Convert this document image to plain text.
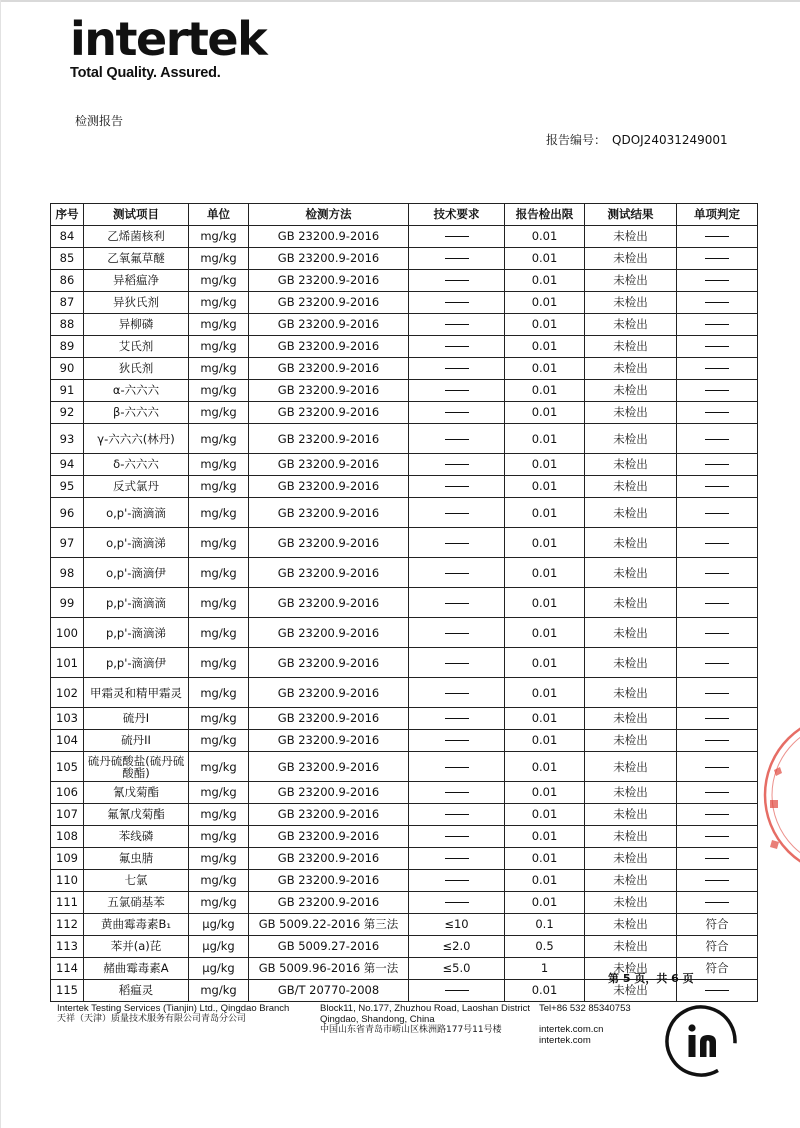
intertek
Total Quality. Assured.
检测报告
报告编号： QDOJ24031249001
序号	测试项目	单位	检测方法	技术要求	报告检出限	测试结果	单项判定
84	乙烯菌核利	mg/kg	GB 23200.9-2016		0.01	未检出	
85	乙氧氟草醚	mg/kg	GB 23200.9-2016		0.01	未检出	
86	异稻瘟净	mg/kg	GB 23200.9-2016		0.01	未检出	
87	异狄氏剂	mg/kg	GB 23200.9-2016		0.01	未检出	
88	异柳磷	mg/kg	GB 23200.9-2016		0.01	未检出	
89	艾氏剂	mg/kg	GB 23200.9-2016		0.01	未检出	
90	狄氏剂	mg/kg	GB 23200.9-2016		0.01	未检出	
91	α-六六六	mg/kg	GB 23200.9-2016		0.01	未检出	
92	β-六六六	mg/kg	GB 23200.9-2016		0.01	未检出	
93	γ-六六六(林丹)	mg/kg	GB 23200.9-2016		0.01	未检出	
94	δ-六六六	mg/kg	GB 23200.9-2016		0.01	未检出	
95	反式氯丹	mg/kg	GB 23200.9-2016		0.01	未检出	
96	o,p'-滴滴滴	mg/kg	GB 23200.9-2016		0.01	未检出	
97	o,p'-滴滴涕	mg/kg	GB 23200.9-2016		0.01	未检出	
98	o,p'-滴滴伊	mg/kg	GB 23200.9-2016		0.01	未检出	
99	p,p'-滴滴滴	mg/kg	GB 23200.9-2016		0.01	未检出	
100	p,p'-滴滴涕	mg/kg	GB 23200.9-2016		0.01	未检出	
101	p,p'-滴滴伊	mg/kg	GB 23200.9-2016		0.01	未检出	
102	甲霜灵和精甲霜灵	mg/kg	GB 23200.9-2016		0.01	未检出	
103	硫丹I	mg/kg	GB 23200.9-2016		0.01	未检出	
104	硫丹II	mg/kg	GB 23200.9-2016		0.01	未检出	
105	硫丹硫酸盐(硫丹硫酸酯)	mg/kg	GB 23200.9-2016		0.01	未检出	
106	氰戊菊酯	mg/kg	GB 23200.9-2016		0.01	未检出	
107	氟氰戊菊酯	mg/kg	GB 23200.9-2016		0.01	未检出	
108	苯线磷	mg/kg	GB 23200.9-2016		0.01	未检出	
109	氟虫腈	mg/kg	GB 23200.9-2016		0.01	未检出	
110	七氯	mg/kg	GB 23200.9-2016		0.01	未检出	
111	五氯硝基苯	mg/kg	GB 23200.9-2016		0.01	未检出	
112	黄曲霉毒素B₁	μg/kg	GB 5009.22-2016 第三法	≤10	0.1	未检出	符合
113	苯并(a)芘	μg/kg	GB 5009.27-2016	≤2.0	0.5	未检出	符合
114	赭曲霉毒素A	μg/kg	GB 5009.96-2016 第一法	≤5.0	1	未检出	符合
115	稻瘟灵	mg/kg	GB/T 20770-2008		0.01	未检出	
第 5 页，共 6 页
Intertek Testing Services (Tianjin) Ltd., Qingdao Branch
天祥（天津）质量技术服务有限公司青岛分公司
Block11, No.177, Zhuzhou Road, Laoshan District Qingdao, Shandong, China
中国山东省青岛市崂山区株洲路177号11号楼
Tel+86 532 85340753
intertek.com.cn
intertek.com
